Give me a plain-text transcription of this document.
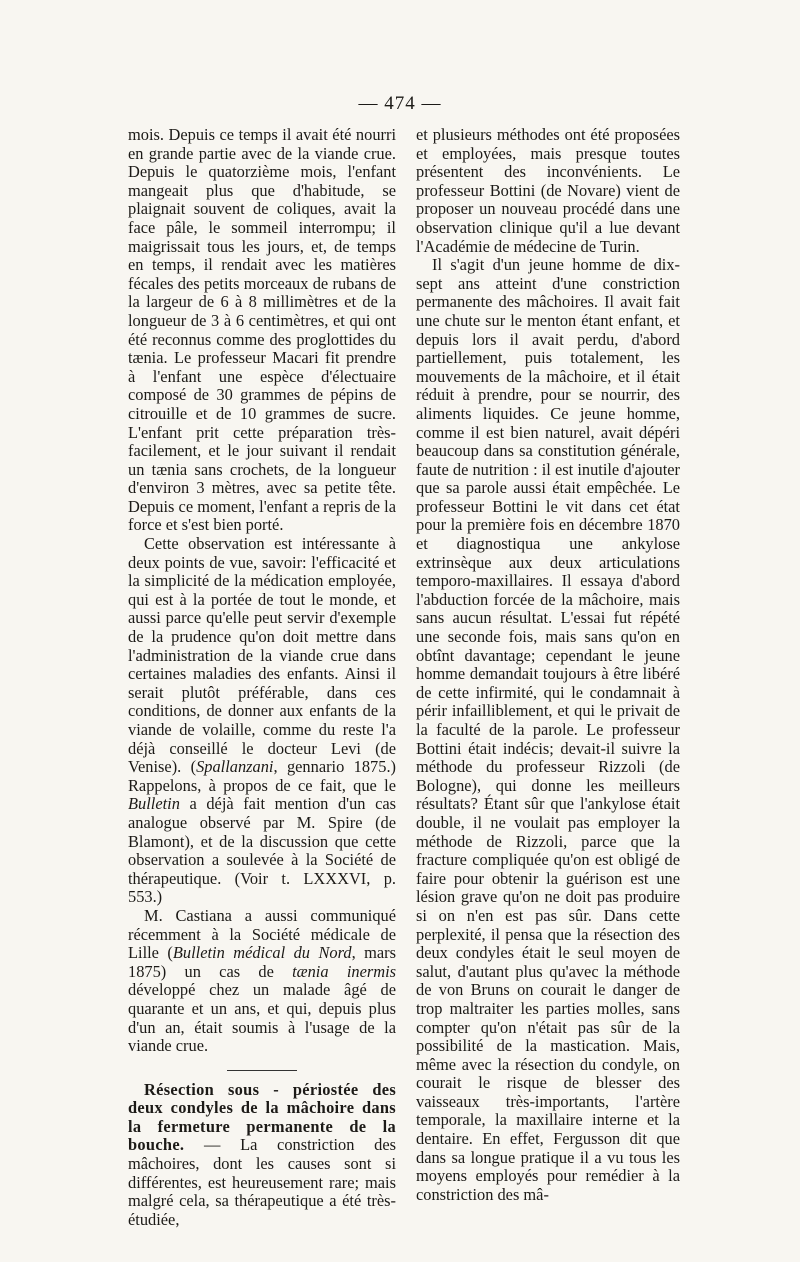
— 474 —

mois. Depuis ce temps il avait été nourri en grande partie avec de la viande crue. Depuis le quatorzième mois, l'enfant mangeait plus que d'habitude, se plaignait souvent de coliques, avait la face pâle, le sommeil interrompu; il maigrissait tous les jours, et, de temps en temps, il rendait avec les matières fécales des petits morceaux de rubans de la largeur de 6 à 8 millimètres et de la longueur de 3 à 6 centimètres, et qui ont été reconnus comme des proglottides du tænia. Le professeur Macari fit prendre à l'enfant une espèce d'électuaire composé de 30 grammes de pépins de citrouille et de 10 grammes de sucre. L'enfant prit cette préparation très-facilement, et le jour suivant il rendait un tænia sans crochets, de la longueur d'environ 3 mètres, avec sa petite tête. Depuis ce moment, l'enfant a repris de la force et s'est bien porté.

Cette observation est intéressante à deux points de vue, savoir: l'efficacité et la simplicité de la médication employée, qui est à la portée de tout le monde, et aussi parce qu'elle peut servir d'exemple de la prudence qu'on doit mettre dans l'administration de la viande crue dans certaines maladies des enfants. Ainsi il serait plutôt préférable, dans ces conditions, de donner aux enfants de la viande de volaille, comme du reste l'a déjà conseillé le docteur Levi (de Venise). (Spallanzani, gennario 1875.) Rappelons, à propos de ce fait, que le Bulletin a déjà fait mention d'un cas analogue observé par M. Spire (de Blamont), et de la discussion que cette observation a soulevée à la Société de thérapeutique. (Voir t. LXXXVI, p. 553.)

M. Castiana a aussi communiqué récemment à la Société médicale de Lille (Bulletin médical du Nord, mars 1875) un cas de tænia inermis développé chez un malade âgé de quarante et un ans, et qui, depuis plus d'un an, était soumis à l'usage de la viande crue.

Résection sous - périostée des deux condyles de la mâchoire dans la fermeture permanente de la bouche. — La constriction des mâchoires, dont les causes sont si différentes, est heureusement rare; mais malgré cela, sa thérapeutique a été très-étudiée,

et plusieurs méthodes ont été proposées et employées, mais presque toutes présentent des inconvénients. Le professeur Bottini (de Novare) vient de proposer un nouveau procédé dans une observation clinique qu'il a lue devant l'Académie de médecine de Turin.

Il s'agit d'un jeune homme de dix-sept ans atteint d'une constriction permanente des mâchoires. Il avait fait une chute sur le menton étant enfant, et depuis lors il avait perdu, d'abord partiellement, puis totalement, les mouvements de la mâchoire, et il était réduit à prendre, pour se nourrir, des aliments liquides. Ce jeune homme, comme il est bien naturel, avait dépéri beaucoup dans sa constitution générale, faute de nutrition : il est inutile d'ajouter que sa parole aussi était empêchée. Le professeur Bottini le vit dans cet état pour la première fois en décembre 1870 et diagnostiqua une ankylose extrinsèque aux deux articulations temporo-maxillaires. Il essaya d'abord l'abduction forcée de la mâchoire, mais sans aucun résultat. L'essai fut répété une seconde fois, mais sans qu'on en obtînt davantage; cependant le jeune homme demandait toujours à être libéré de cette infirmité, qui le condamnait à périr infailliblement, et qui le privait de la faculté de la parole. Le professeur Bottini était indécis; devait-il suivre la méthode du professeur Rizzoli (de Bologne), qui donne les meilleurs résultats? Étant sûr que l'ankylose était double, il ne voulait pas employer la méthode de Rizzoli, parce que la fracture compliquée qu'on est obligé de faire pour obtenir la guérison est une lésion grave qu'on ne doit pas produire si on n'en est pas sûr. Dans cette perplexité, il pensa que la résection des deux condyles était le seul moyen de salut, d'autant plus qu'avec la méthode de von Bruns on courait le danger de trop maltraiter les parties molles, sans compter qu'on n'était pas sûr de la possibilité de la mastication. Mais, même avec la résection du condyle, on courait le risque de blesser des vaisseaux très-importants, l'artère temporale, la maxillaire interne et la dentaire. En effet, Fergusson dit que dans sa longue pratique il a vu tous les moyens employés pour remédier à la constriction des mâ-
